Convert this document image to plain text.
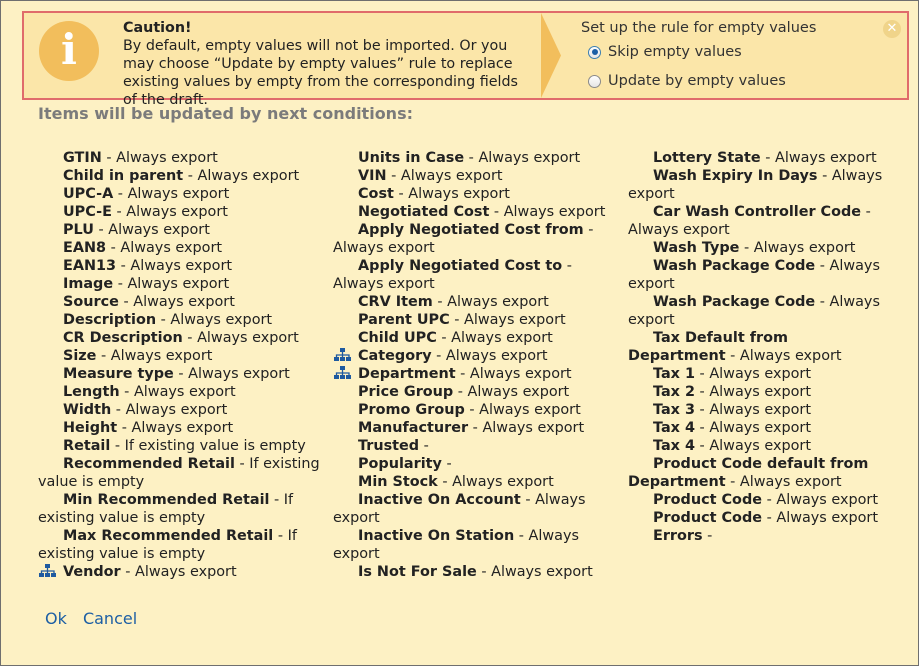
i	Caution!
By default, empty values will not be imported. Or you may choose “Update by empty values” rule to replace existing values by empty from the corresponding fields of the draft.
Set up the rule for empty values
Skip empty values
Update by empty values
✕
Items will be updated by next conditions:
GTIN - Always export
Child in parent - Always export
UPC-A - Always export
UPC-E - Always export
PLU - Always export
EAN8 - Always export
EAN13 - Always export
Image - Always export
Source - Always export
Description - Always export
CR Description - Always export
Size - Always export
Measure type - Always export
Length - Always export
Width - Always export
Height - Always export
Retail - If existing value is empty
Recommended Retail - If existing value is empty
Min Recommended Retail - If existing value is empty
Max Recommended Retail - If existing value is empty
Vendor - Always export
Units in Case - Always export
VIN - Always export
Cost - Always export
Negotiated Cost - Always export
Apply Negotiated Cost from - Always export
Apply Negotiated Cost to - Always export
CRV Item - Always export
Parent UPC - Always export
Child UPC - Always export
Category - Always export
Department - Always export
Price Group - Always export
Promo Group - Always export
Manufacturer - Always export
Trusted -
Popularity -
Min Stock - Always export
Inactive On Account - Always export
Inactive On Station - Always export
Is Not For Sale - Always export
Lottery State - Always export
Wash Expiry In Days - Always export
Car Wash Controller Code - Always export
Wash Type - Always export
Wash Package Code - Always export
Wash Package Code - Always export
Tax Default from Department - Always export
Tax 1 - Always export
Tax 2 - Always export
Tax 3 - Always export
Tax 4 - Always export
Tax 4 - Always export
Product Code default from Department - Always export
Product Code - Always export
Product Code - Always export
Errors -
Ok Cancel
